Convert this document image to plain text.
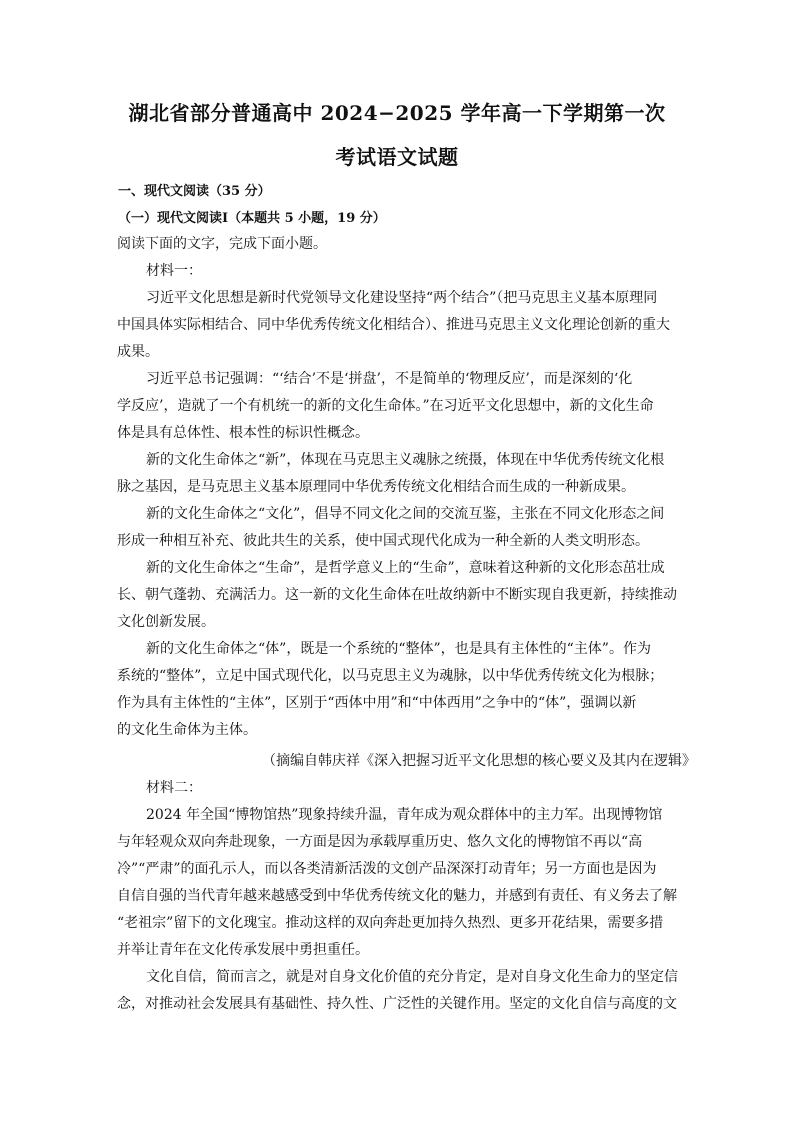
湖北省部分普通高中 2024−2025 学年高一下学期第一次
考试语文试题
一、现代文阅读（35 分）
（一）现代文阅读Ⅰ（本题共 5 小题，19 分）
阅读下面的文字，完成下面小题。
材料一：

习近平文化思想是新时代党领导文化建设坚持“两个结合”（把马克思主义基本原理同
中国具体实际相结合、同中华优秀传统文化相结合）、推进马克思主义文化理论创新的重大
成果。

习近平总书记强调：“‘结合’不是‘拼盘’，不是简单的‘物理反应’，而是深刻的‘化
学反应’，造就了一个有机统一的新的文化生命体。”在习近平文化思想中，新的文化生命
体是具有总体性、根本性的标识性概念。

新的文化生命体之“新”，体现在马克思主义魂脉之统摄，体现在中华优秀传统文化根
脉之基因，是马克思主义基本原理同中华优秀传统文化相结合而生成的一种新成果。

新的文化生命体之“文化”，倡导不同文化之间的交流互鉴，主张在不同文化形态之间
形成一种相互补充、彼此共生的关系，使中国式现代化成为一种全新的人类文明形态。

新的文化生命体之“生命”，是哲学意义上的“生命”，意味着这种新的文化形态茁壮成
长、朝气蓬勃、充满活力。这一新的文化生命体在吐故纳新中不断实现自我更新，持续推动
文化创新发展。

新的文化生命体之“体”，既是一个系统的“整体”，也是具有主体性的“主体”。作为
系统的“整体”，立足中国式现代化，以马克思主义为魂脉，以中华优秀传统文化为根脉；
作为具有主体性的“主体”，区别于“西体中用”和“中体西用”之争中的“体”，强调以新
的文化生命体为主体。

（摘编自韩庆祥《深入把握习近平文化思想的核心要义及其内在逻辑》
材料二：

2024 年全国“博物馆热”现象持续升温，青年成为观众群体中的主力军。出现博物馆
与年轻观众双向奔赴现象，一方面是因为承载厚重历史、悠久文化的博物馆不再以“高
冷”“严肃”的面孔示人，而以各类清新活泼的文创产品深深打动青年；另一方面也是因为
自信自强的当代青年越来越感受到中华优秀传统文化的魅力，并感到有责任、有义务去了解
“老祖宗”留下的文化瑰宝。推动这样的双向奔赴更加持久热烈、更多开花结果，需要多措
并举让青年在文化传承发展中勇担重任。

文化自信，简而言之，就是对自身文化价值的充分肯定，是对自身文化生命力的坚定信
念，对推动社会发展具有基础性、持久性、广泛性的关键作用。坚定的文化自信与高度的文
